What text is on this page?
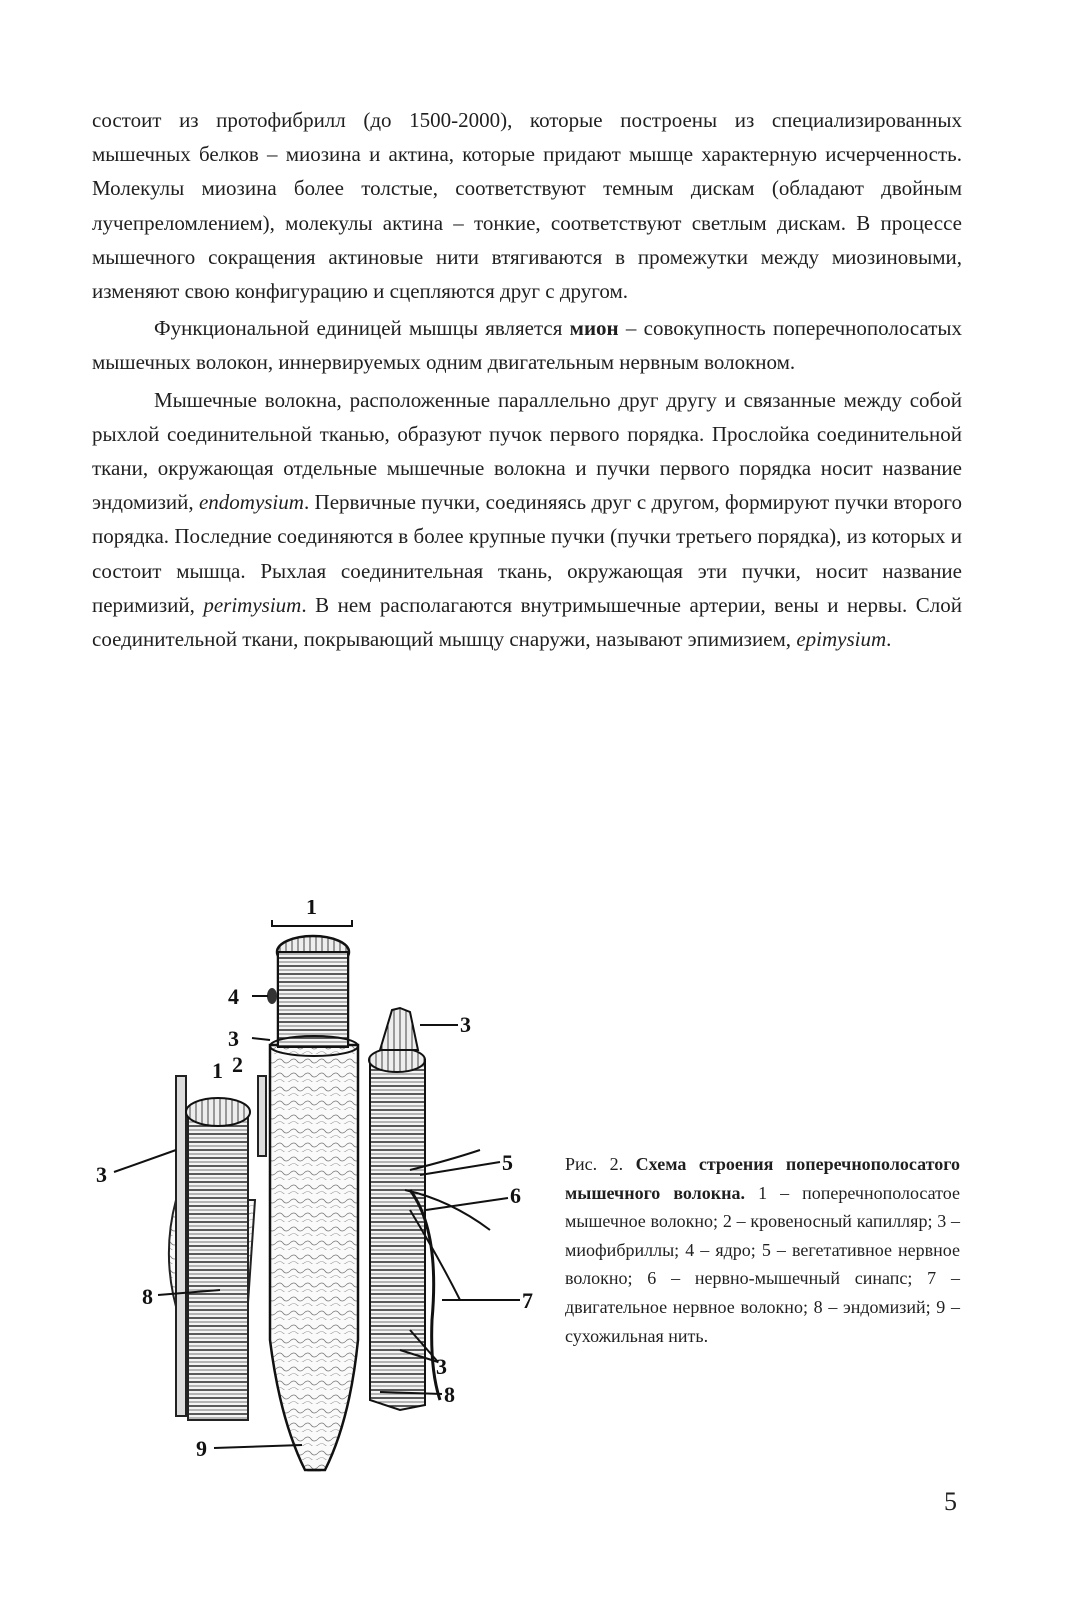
состоит из протофибрилл (до 1500-2000), которые построены из специализированных мышечных белков – миозина и актина, которые придают мышце характерную исчерченность. Молекулы миозина более толстые, соответствуют темным дискам (обладают двойным лучепреломлением), молекулы актина – тонкие, соответствуют светлым дискам. В процессе мышечного сокращения актиновые нити втягиваются в промежутки между миозиновыми, изменяют свою конфигурацию и сцепляются друг с другом.

Функциональной единицей мышцы является мион – совокупность поперечнополосатых мышечных волокон, иннервируемых одним двигательным нервным волокном.

Мышечные волокна, расположенные параллельно друг другу и связанные между собой рыхлой соединительной тканью, образуют пучок первого порядка. Прослойка соединительной ткани, окружающая отдельные мышечные волокна и пучки первого порядка носит название эндомизий, endomysium. Первичные пучки, соединяясь друг с другом, формируют пучки второго порядка. Последние соединяются в более крупные пучки (пучки третьего порядка), из которых и состоит мышца. Рыхлая соединительная ткань, окружающая эти пучки, носит название перимизий, perimysium. В нем располагаются внутримышечные артерии, вены и нервы. Слой соединительной ткани, покрывающий мышцу снаружи, называют эпимизием, epimysium.

1
4
3
3
1 2
3	5
6
8	7
3
8
9
Рис. 2. Схема строения поперечнополосатого мышечного волокна. 1 – поперечнополосатое мышечное волокно; 2 – кровеносный капилляр; 3 – миофибриллы; 4 – ядро; 5 – вегетативное нервное волокно; 6 – нервно-мышечный синапс; 7 – двигательное нервное волокно; 8 – эндомизий; 9 – сухожильная нить.
5
